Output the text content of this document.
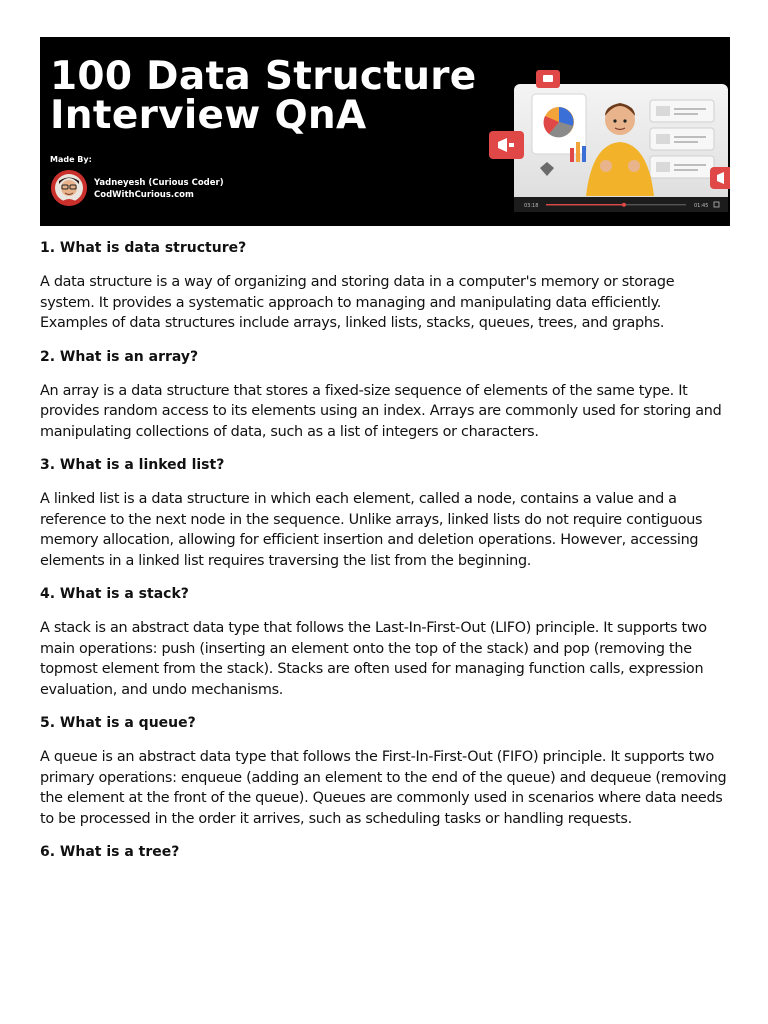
100 Data Structure
Interview QnA
Made By:
Yadneyesh (Curious Coder)
CodWithCurious.com
03:18	01:45

1. What is data structure?

A data structure is a way of organizing and storing data in a computer's memory or storage system. It provides a systematic approach to managing and manipulating data efficiently. Examples of data structures include arrays, linked lists, stacks, queues, trees, and graphs.

2. What is an array?

An array is a data structure that stores a fixed-size sequence of elements of the same type. It provides random access to its elements using an index. Arrays are commonly used for storing and manipulating collections of data, such as a list of integers or characters.

3. What is a linked list?

A linked list is a data structure in which each element, called a node, contains a value and a reference to the next node in the sequence. Unlike arrays, linked lists do not require contiguous memory allocation, allowing for efficient insertion and deletion operations. However, accessing elements in a linked list requires traversing the list from the beginning.

4. What is a stack?

A stack is an abstract data type that follows the Last-In-First-Out (LIFO) principle. It supports two main operations: push (inserting an element onto the top of the stack) and pop (removing the topmost element from the stack). Stacks are often used for managing function calls, expression evaluation, and undo mechanisms.

5. What is a queue?

A queue is an abstract data type that follows the First-In-First-Out (FIFO) principle. It supports two primary operations: enqueue (adding an element to the end of the queue) and dequeue (removing the element at the front of the queue). Queues are commonly used in scenarios where data needs to be processed in the order it arrives, such as scheduling tasks or handling requests.

6. What is a tree?
